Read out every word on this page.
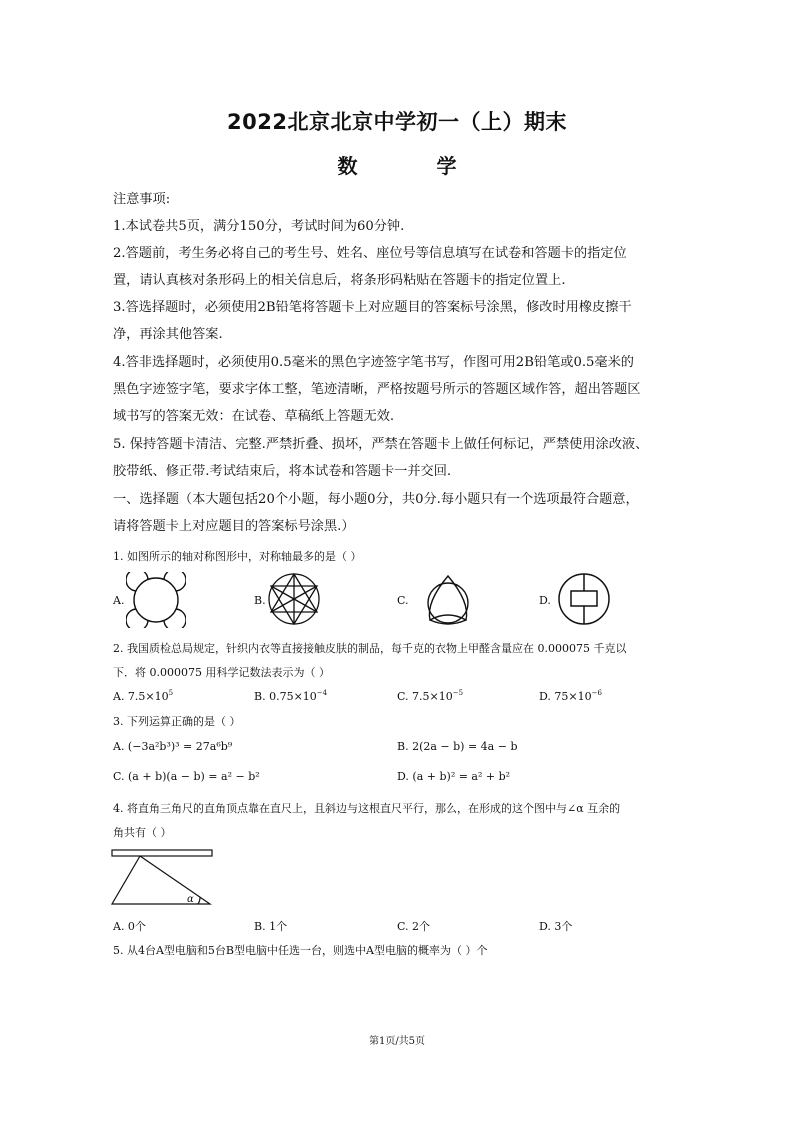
2022北京北京中学初一（上）期末
数 学
注意事项:
1.本试卷共5页，满分150分，考试时间为60分钟.
2.答题前，考生务必将自己的考生号、姓名、座位号等信息填写在试卷和答题卡的指定位
置，请认真核对条形码上的相关信息后，将条形码粘贴在答题卡的指定位置上.
3.答选择题时，必须使用2B铅笔将答题卡上对应题目的答案标号涂黑，修改时用橡皮擦干
净，再涂其他答案.
4.答非选择题时，必须使用0.5毫米的黑色字迹签字笔书写，作图可用2B铅笔或0.5毫米的
黑色字迹签字笔，要求字体工整，笔迹清晰，严格按题号所示的答题区域作答，超出答题区
域书写的答案无效：在试卷、草稿纸上答题无效.
5. 保持答题卡清洁、完整.严禁折叠、损坏，严禁在答题卡上做任何标记，严禁使用涂改液、
胶带纸、修正带.考试结束后，将本试卷和答题卡一并交回.
一、选择题（本大题包括20个小题，每小题0分，共0分.每小题只有一个选项最符合题意，
请将答题卡上对应题目的答案标号涂黑.）
1. 如图所示的轴对称图形中，对称轴最多的是（ ）
A.	B.	C.	D.
2. 我国质检总局规定，针织内衣等直接接触皮肤的制品，每千克的衣物上甲醛含量应在 0.000075 千克以
下．将 0.000075 用科学记数法表示为（ ）
A. $7.5\times 10^5$	B. $0.75\times 10^{-4}$	C. $7.5\times 10^{-5}$	D. $75\times 10^{-6}$
3. 下列运算正确的是（ ）
A. (−3a²b³)³ = 27a⁶b⁹	B. 2(2a − b) = 4a − b
C. (a + b)(a − b) = a² − b²	D. (a + b)² = a² + b²
4. 将直角三角尺的直角顶点靠在直尺上，且斜边与这根直尺平行，那么，在形成的这个图中与∠α 互余的
角共有（ ）
α
A. 0个	B. 1个	C. 2个	D. 3个
5. 从4台A型电脑和5台B型电脑中任选一台，则选中A型电脑的概率为（ ）个
第1页/共5页
